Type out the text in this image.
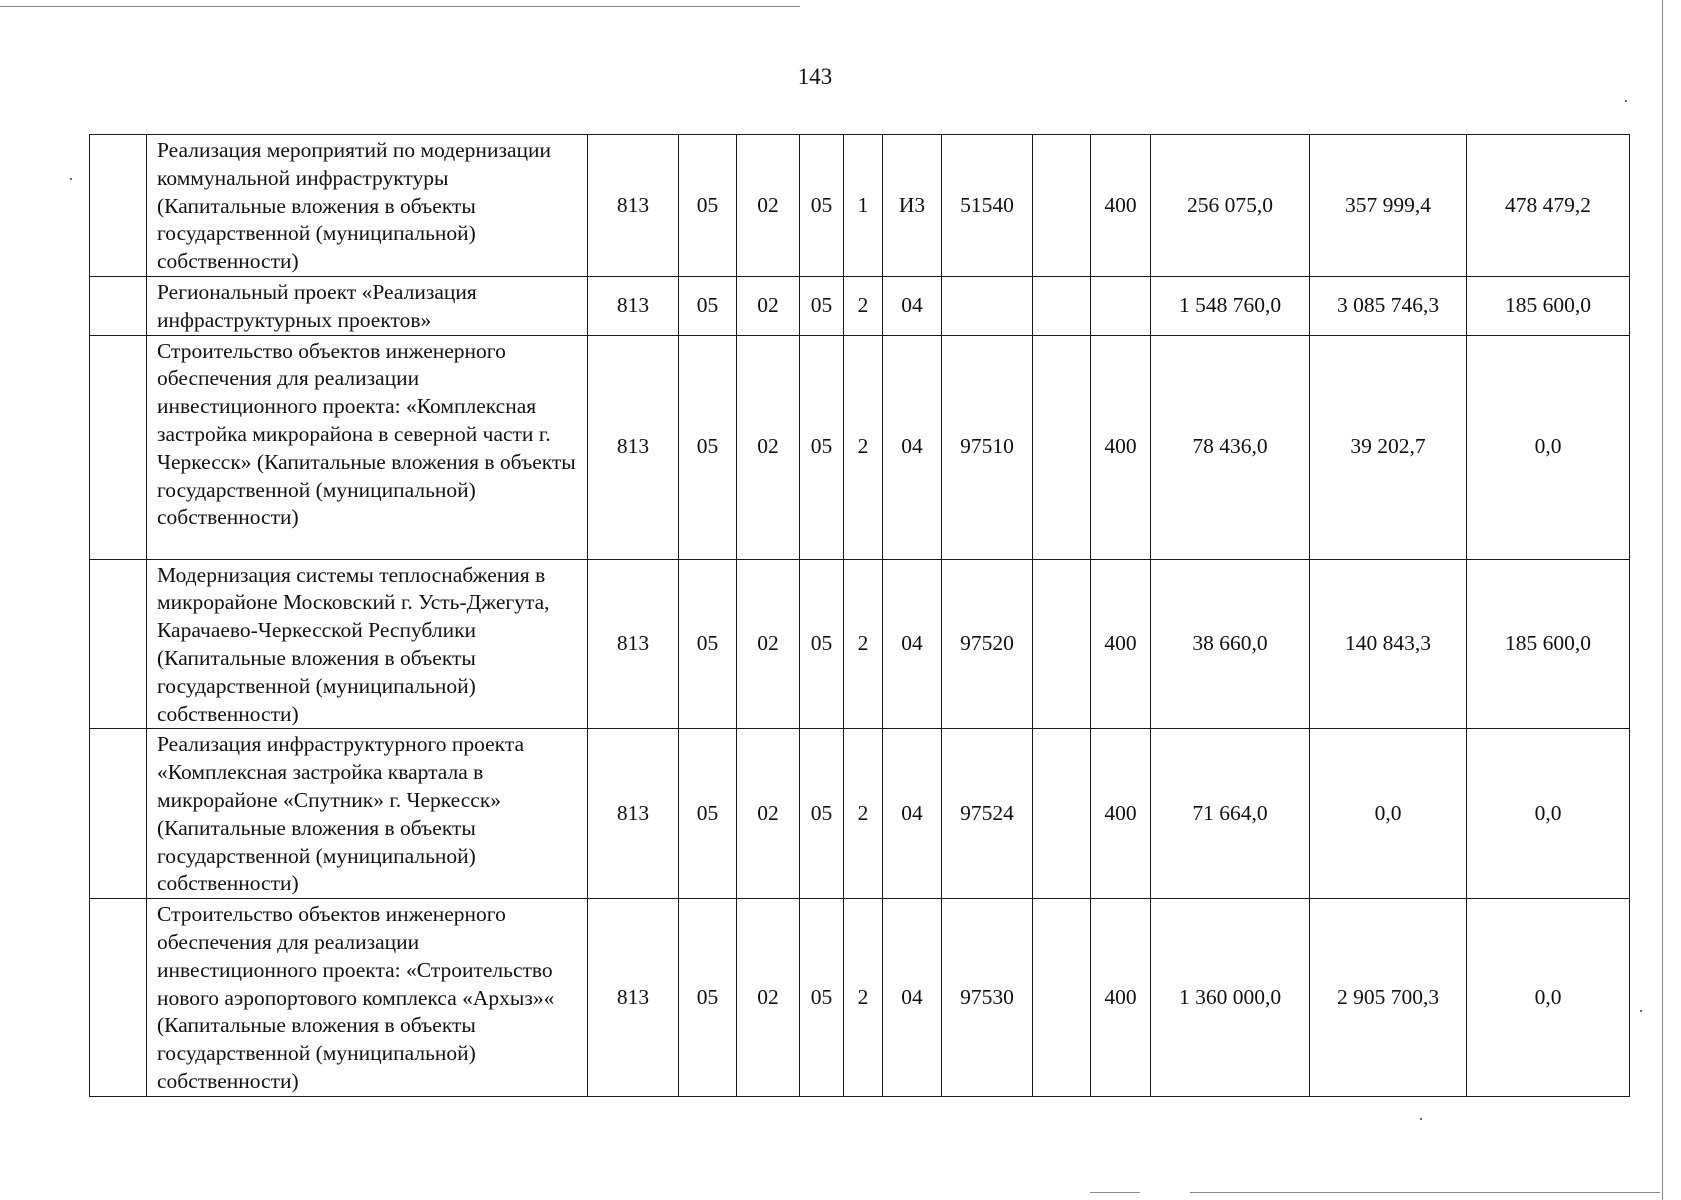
143
	Реализация мероприятий по модернизации коммунальной инфраструктуры (Капитальные вложения в объекты государственной (муниципальной) собственности)	813	05	02	05	1	И3	51540		400	256 075,0	357 999,4	478 479,2
	Региональный проект «Реализация инфраструктурных проектов»	813	05	02	05	2	04				1 548 760,0	3 085 746,3	185 600,0
	Строительство объектов инженерного обеспечения для реализации инвестиционного проекта: «Комплексная застройка микрорайона в северной части г. Черкесск» (Капитальные вложения в объекты государственной (муниципальной) собственности)	813	05	02	05	2	04	97510		400	78 436,0	39 202,7	0,0
	Модернизация системы теплоснабжения в микрорайоне Московский г. Усть-Джегута, Карачаево-Черкесской Республики (Капитальные вложения в объекты государственной (муниципальной) собственности)	813	05	02	05	2	04	97520		400	38 660,0	140 843,3	185 600,0
	Реализация инфраструктурного проекта «Комплексная застройка квартала в микрорайоне «Спутник» г. Черкесск» (Капитальные вложения в объекты государственной (муниципальной) собственности)	813	05	02	05	2	04	97524		400	71 664,0	0,0	0,0
	Строительство объектов инженерного обеспечения для реализации инвестиционного проекта: «Строительство нового аэропортового комплекса «Архыз»« (Капитальные вложения в объекты государственной (муниципальной) собственности)	813	05	02	05	2	04	97530		400	1 360 000,0	2 905 700,3	0,0
